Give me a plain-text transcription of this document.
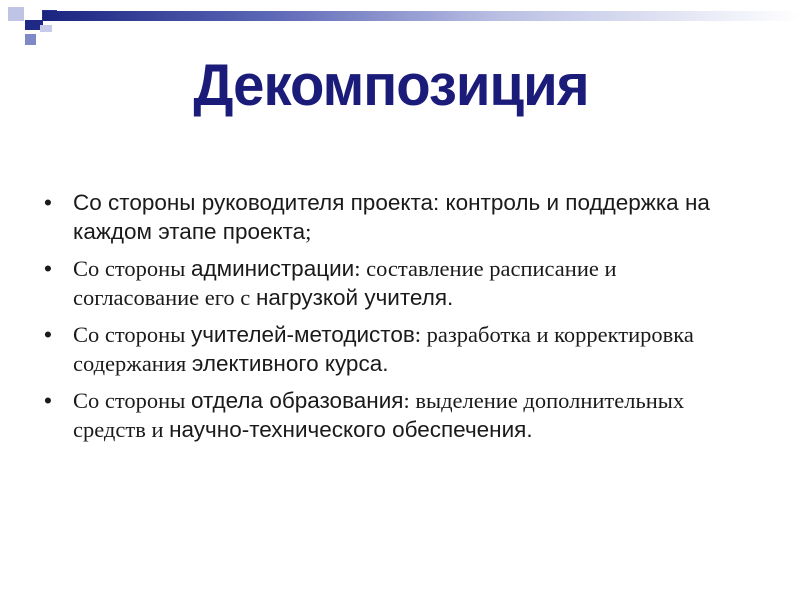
Декомпозиция
• Со стороны руководителя проекта: контроль и поддержка на каждом этапе проекта;
• Со стороны администрации: составление расписание и согласование его с нагрузкой учителя.
• Со стороны учителей-методистов: разработка и корректировка содержания элективного курса.
• Со стороны отдела образования: выделение дополнительных средств и научно-технического обеспечения.
